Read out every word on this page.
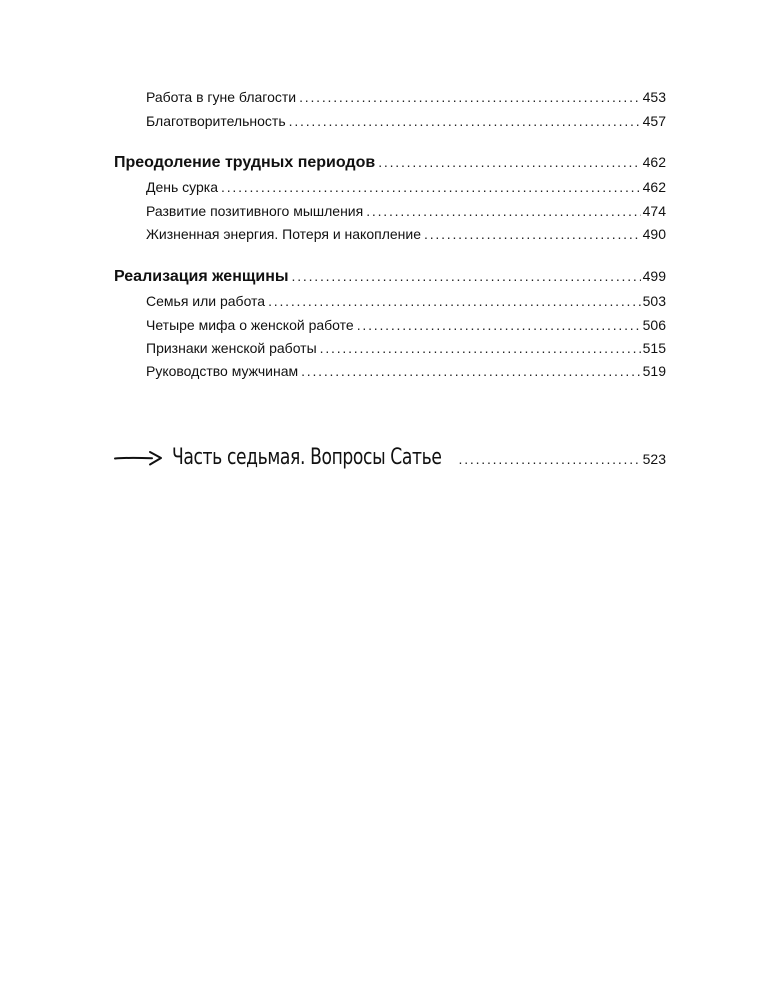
Работа в гуне благости .....	453
Благотворительность .....	457
Преодоление трудных периодов .....	462
День сурка .....	462
Развитие позитивного мышления .....	474
Жизненная энергия. Потеря и накопление .....	490
Реализация женщины .....	499
Семья или работа .....	503
Четыре мифа о женской работе .....	506
Признаки женской работы .....	515
Руководство мужчинам .....	519
Часть седьмая. Вопросы Сатье .....	523
